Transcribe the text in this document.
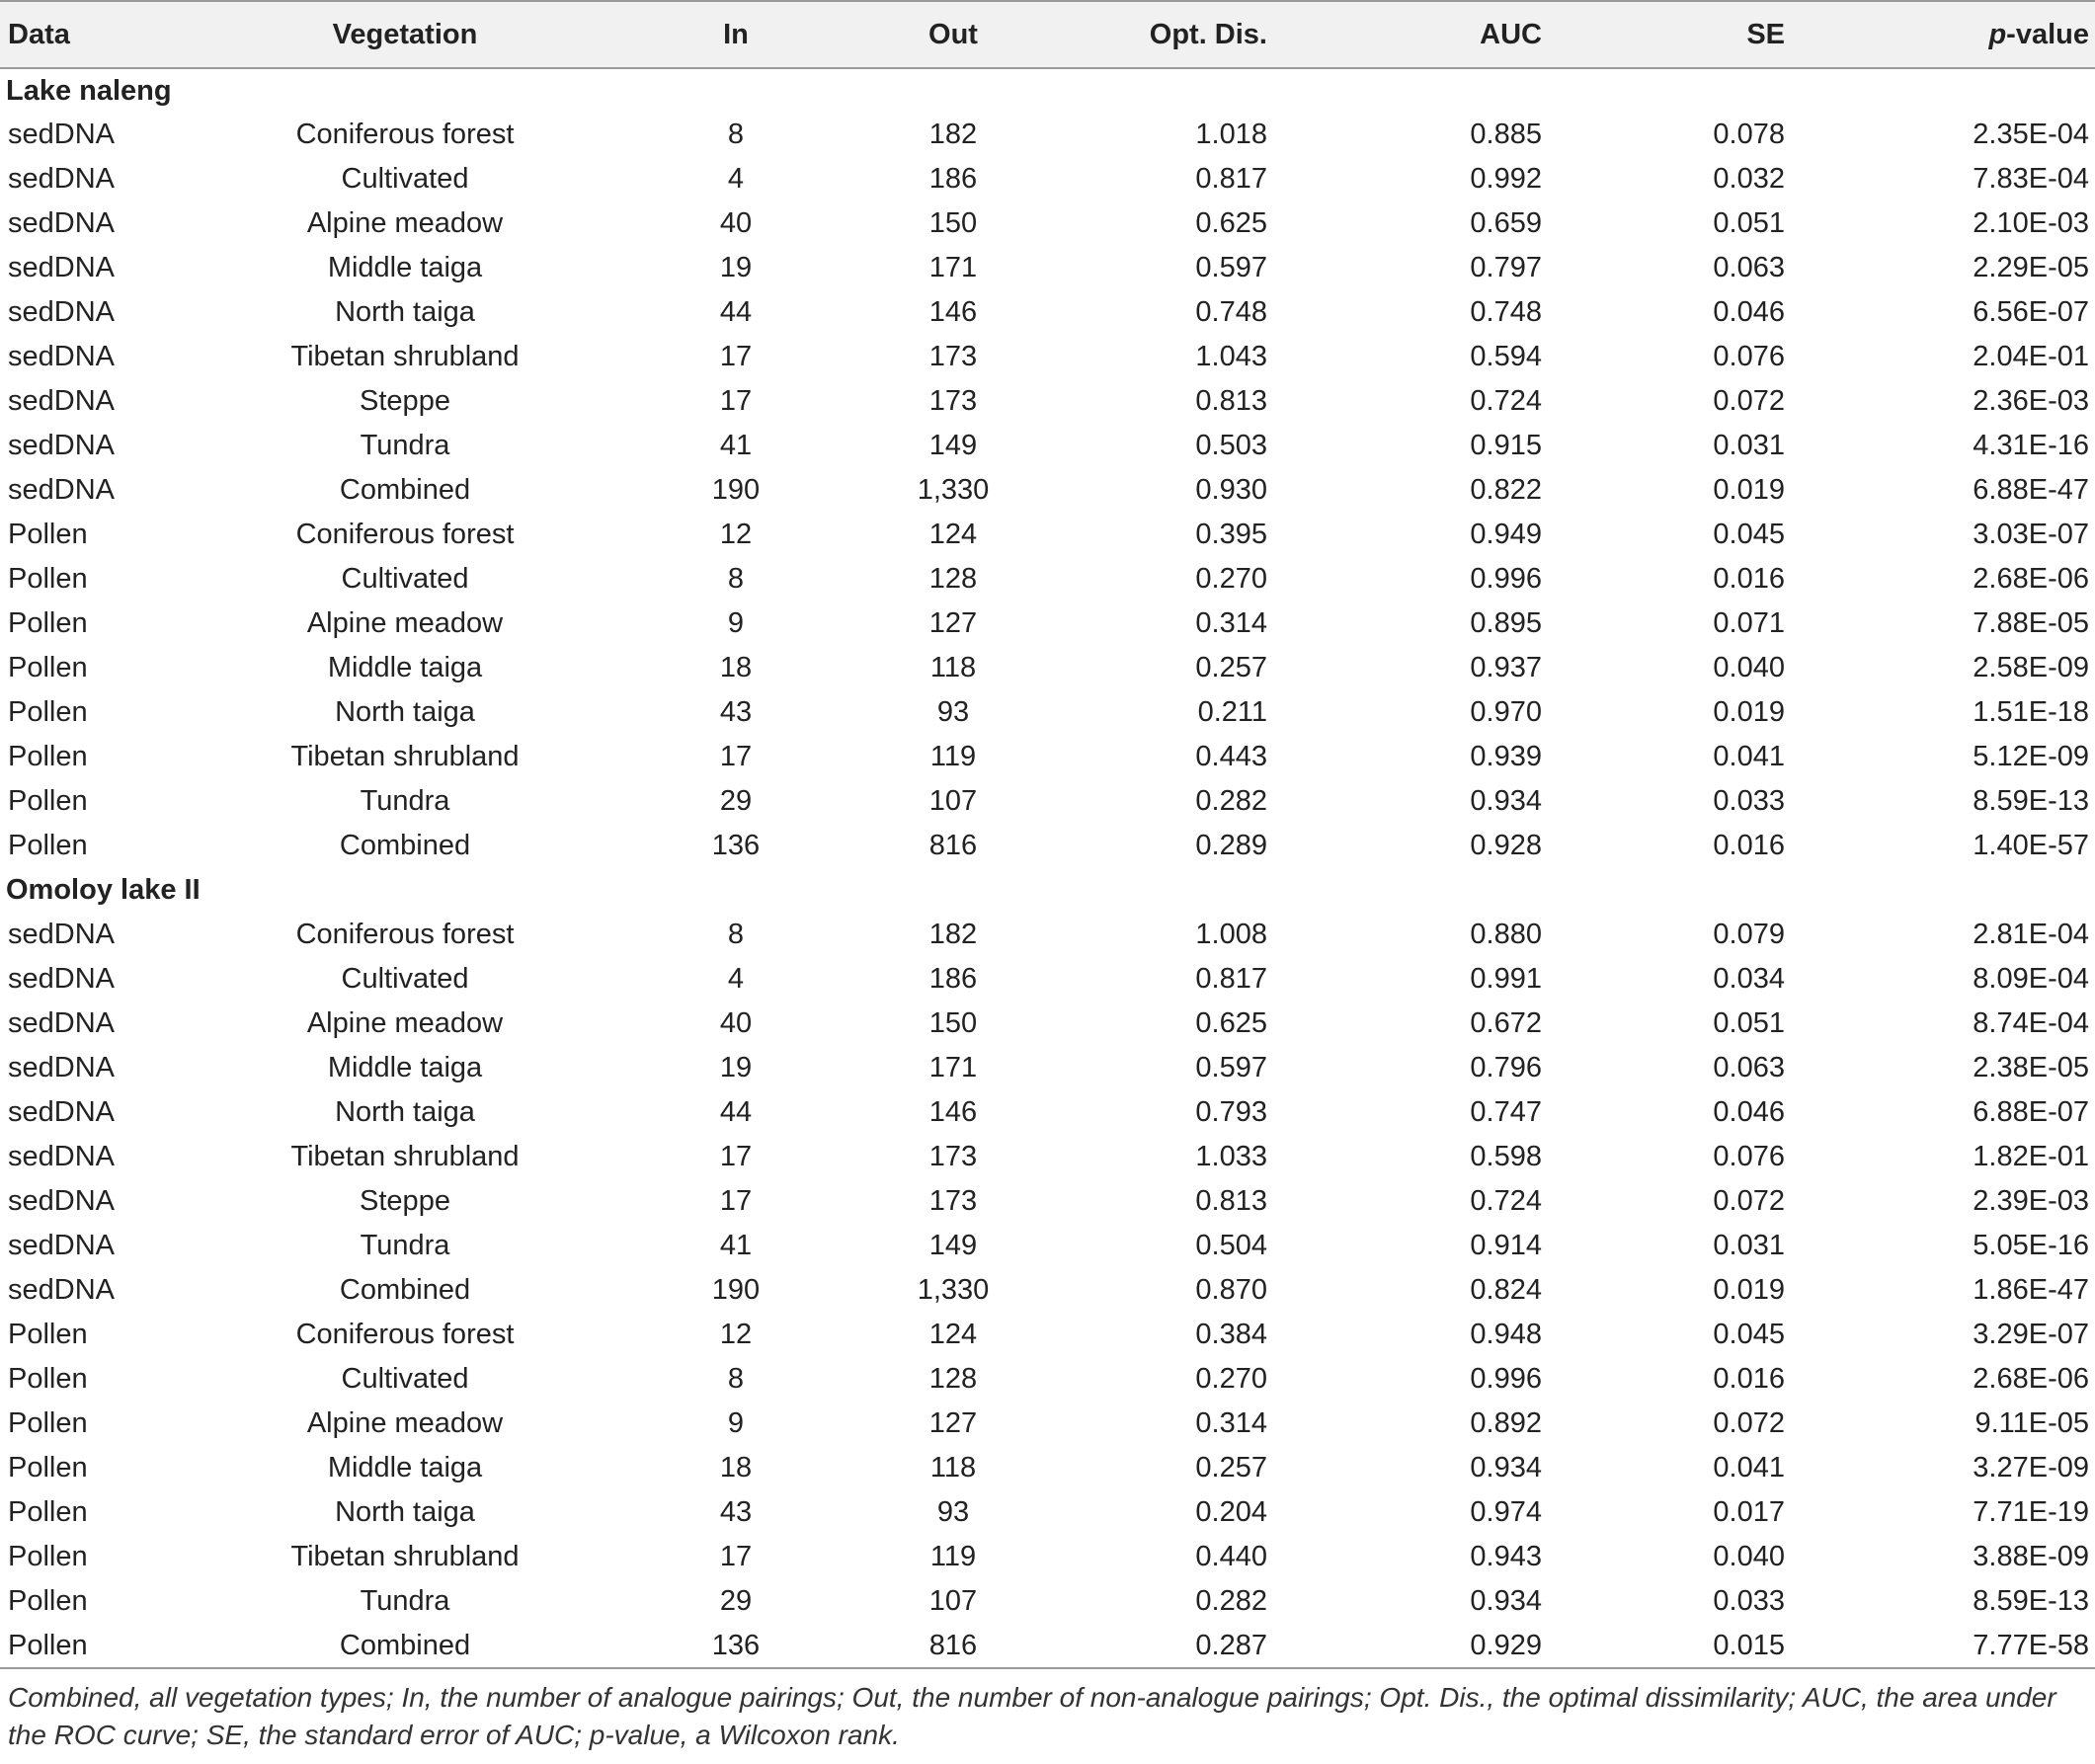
Data	Vegetation	In	Out	Opt. Dis.	AUC	SE	p-value
Lake naleng							
sedDNA	Coniferous forest	8	182	1.018	0.885	0.078	2.35E-04
sedDNA	Cultivated	4	186	0.817	0.992	0.032	7.83E-04
sedDNA	Alpine meadow	40	150	0.625	0.659	0.051	2.10E-03
sedDNA	Middle taiga	19	171	0.597	0.797	0.063	2.29E-05
sedDNA	North taiga	44	146	0.748	0.748	0.046	6.56E-07
sedDNA	Tibetan shrubland	17	173	1.043	0.594	0.076	2.04E-01
sedDNA	Steppe	17	173	0.813	0.724	0.072	2.36E-03
sedDNA	Tundra	41	149	0.503	0.915	0.031	4.31E-16
sedDNA	Combined	190	1,330	0.930	0.822	0.019	6.88E-47
Pollen	Coniferous forest	12	124	0.395	0.949	0.045	3.03E-07
Pollen	Cultivated	8	128	0.270	0.996	0.016	2.68E-06
Pollen	Alpine meadow	9	127	0.314	0.895	0.071	7.88E-05
Pollen	Middle taiga	18	118	0.257	0.937	0.040	2.58E-09
Pollen	North taiga	43	93	0.211	0.970	0.019	1.51E-18
Pollen	Tibetan shrubland	17	119	0.443	0.939	0.041	5.12E-09
Pollen	Tundra	29	107	0.282	0.934	0.033	8.59E-13
Pollen	Combined	136	816	0.289	0.928	0.016	1.40E-57
Omoloy lake II							
sedDNA	Coniferous forest	8	182	1.008	0.880	0.079	2.81E-04
sedDNA	Cultivated	4	186	0.817	0.991	0.034	8.09E-04
sedDNA	Alpine meadow	40	150	0.625	0.672	0.051	8.74E-04
sedDNA	Middle taiga	19	171	0.597	0.796	0.063	2.38E-05
sedDNA	North taiga	44	146	0.793	0.747	0.046	6.88E-07
sedDNA	Tibetan shrubland	17	173	1.033	0.598	0.076	1.82E-01
sedDNA	Steppe	17	173	0.813	0.724	0.072	2.39E-03
sedDNA	Tundra	41	149	0.504	0.914	0.031	5.05E-16
sedDNA	Combined	190	1,330	0.870	0.824	0.019	1.86E-47
Pollen	Coniferous forest	12	124	0.384	0.948	0.045	3.29E-07
Pollen	Cultivated	8	128	0.270	0.996	0.016	2.68E-06
Pollen	Alpine meadow	9	127	0.314	0.892	0.072	9.11E-05
Pollen	Middle taiga	18	118	0.257	0.934	0.041	3.27E-09
Pollen	North taiga	43	93	0.204	0.974	0.017	7.71E-19
Pollen	Tibetan shrubland	17	119	0.440	0.943	0.040	3.88E-09
Pollen	Tundra	29	107	0.282	0.934	0.033	8.59E-13
Pollen	Combined	136	816	0.287	0.929	0.015	7.77E-58
Combined, all vegetation types; In, the number of analogue pairings; Out, the number of non-analogue pairings; Opt. Dis., the optimal dissimilarity; AUC, the area under the ROC curve; SE, the standard error of AUC; p-value, a Wilcoxon rank.
